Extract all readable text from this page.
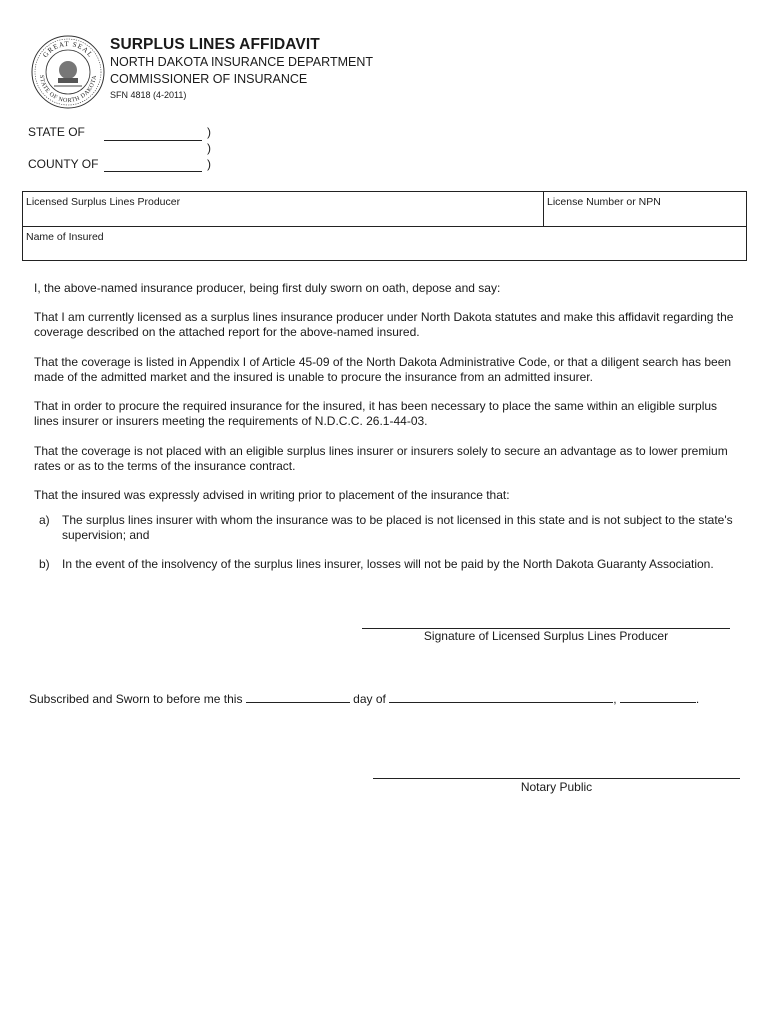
GREAT SEAL
STATE OF NORTH DAKOTA
SURPLUS LINES AFFIDAVIT
NORTH DAKOTA INSURANCE DEPARTMENT
COMMISSIONER OF INSURANCE
SFN 4818 (4-2011)
STATE OF	)
)
COUNTY OF	)
Licensed Surplus Lines Producer	License Number or NPN
Name of Insured
I, the above-named insurance producer, being first duly sworn on oath, depose and say:
That I am currently licensed as a surplus lines insurance producer under North Dakota statutes and make this affidavit regarding the coverage described on the attached report for the above-named insured.
That the coverage is listed in Appendix I of Article 45-09 of the North Dakota Administrative Code, or that a diligent search has been made of the admitted market and the insured is unable to procure the insurance from an admitted insurer.
That in order to procure the required insurance for the insured, it has been necessary to place the same within an eligible surplus lines insurer or insurers meeting the requirements of N.D.C.C. 26.1-44-03.
That the coverage is not placed with an eligible surplus lines insurer or insurers solely to secure an advantage as to lower premium rates or as to the terms of the insurance contract.
That the insured was expressly advised in writing prior to placement of the insurance that:
a) The surplus lines insurer with whom the insurance was to be placed is not licensed in this state and is not subject to the state's supervision; and
b) In the event of the insolvency of the surplus lines insurer, losses will not be paid by the North Dakota Guaranty Association.
Signature of Licensed Surplus Lines Producer
Subscribed and Sworn to before me this	day of	,	.
Notary Public
